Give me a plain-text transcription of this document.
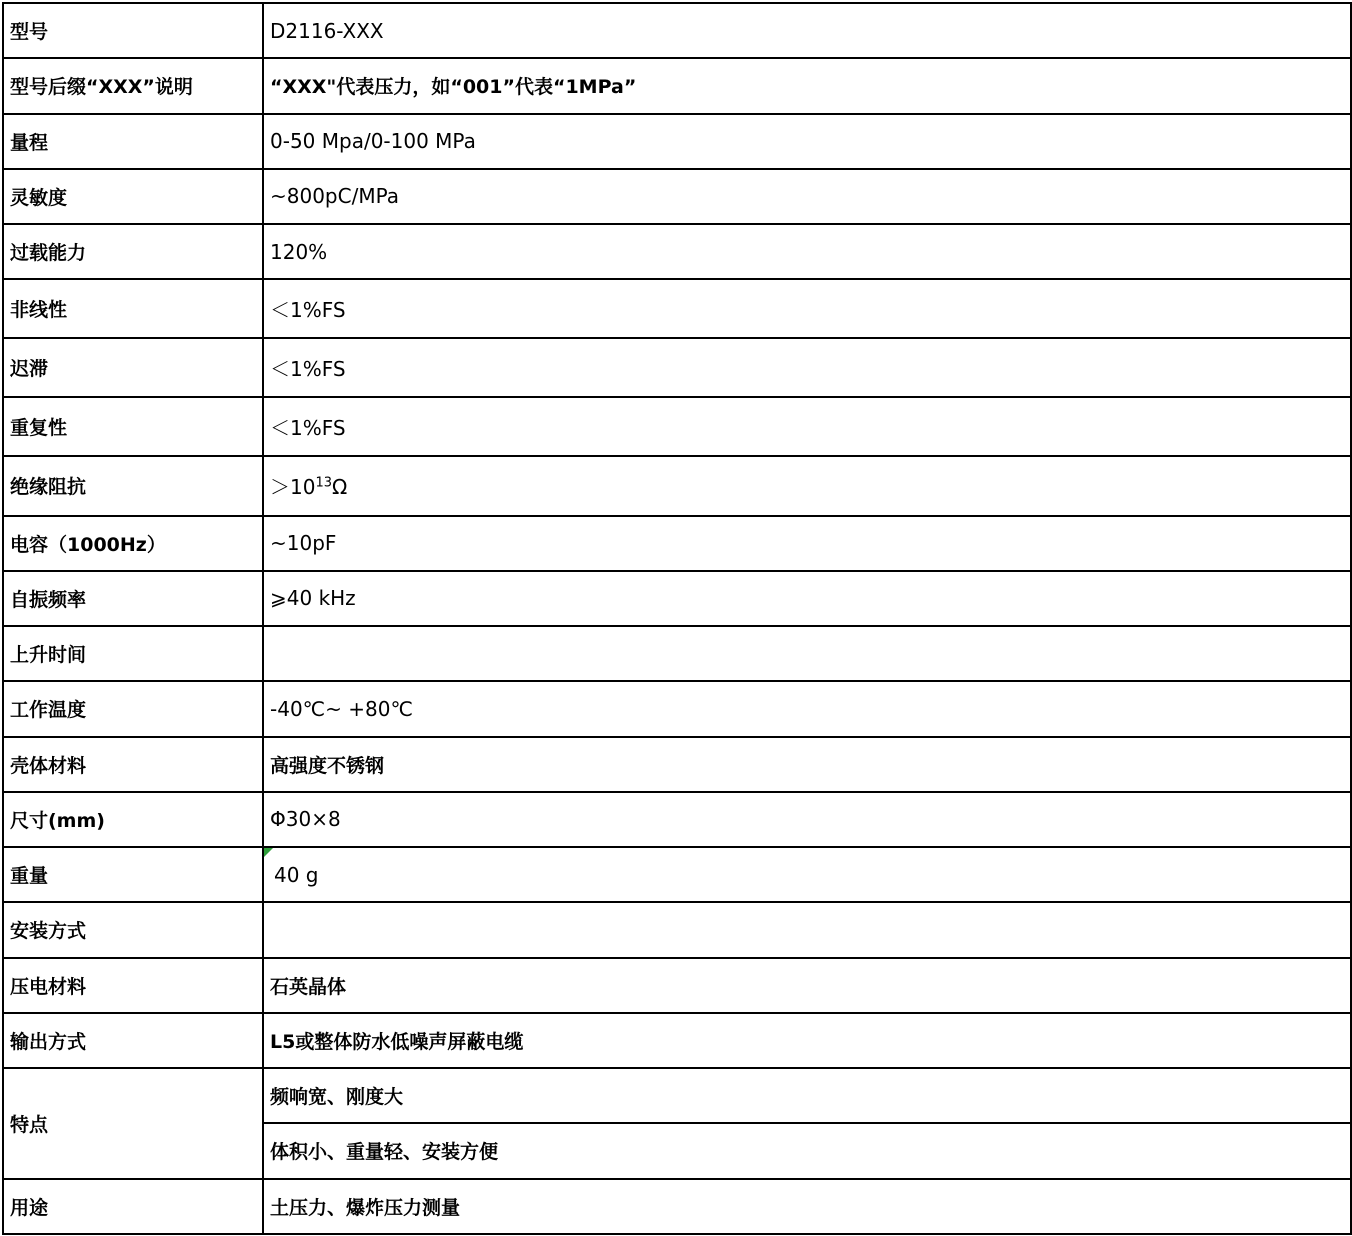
型号	D2116-XXX
型号后缀“XXX”说明	“XXX"代表压力，如“001”代表“1MPa”
量程	0-50 Mpa/0-100 MPa
灵敏度	~800pC/MPa
过载能力	120%
非线性	＜1%FS
迟滞	＜1%FS
重复性	＜1%FS
绝缘阻抗	$>10^{13}\Omega$
电容（1000Hz）	~10pF
自振频率	⩾40 kHz
上升时间	
工作温度	-40℃~ +80℃
壳体材料	高强度不锈钢
尺寸(mm)	Φ30×8
重量	40 g
安装方式	
压电材料	石英晶体
输出方式	L5或整体防水低噪声屏蔽电缆
特点	频响宽、刚度大
	体积小、重量轻、安装方便
用途	土压力、爆炸压力测量
